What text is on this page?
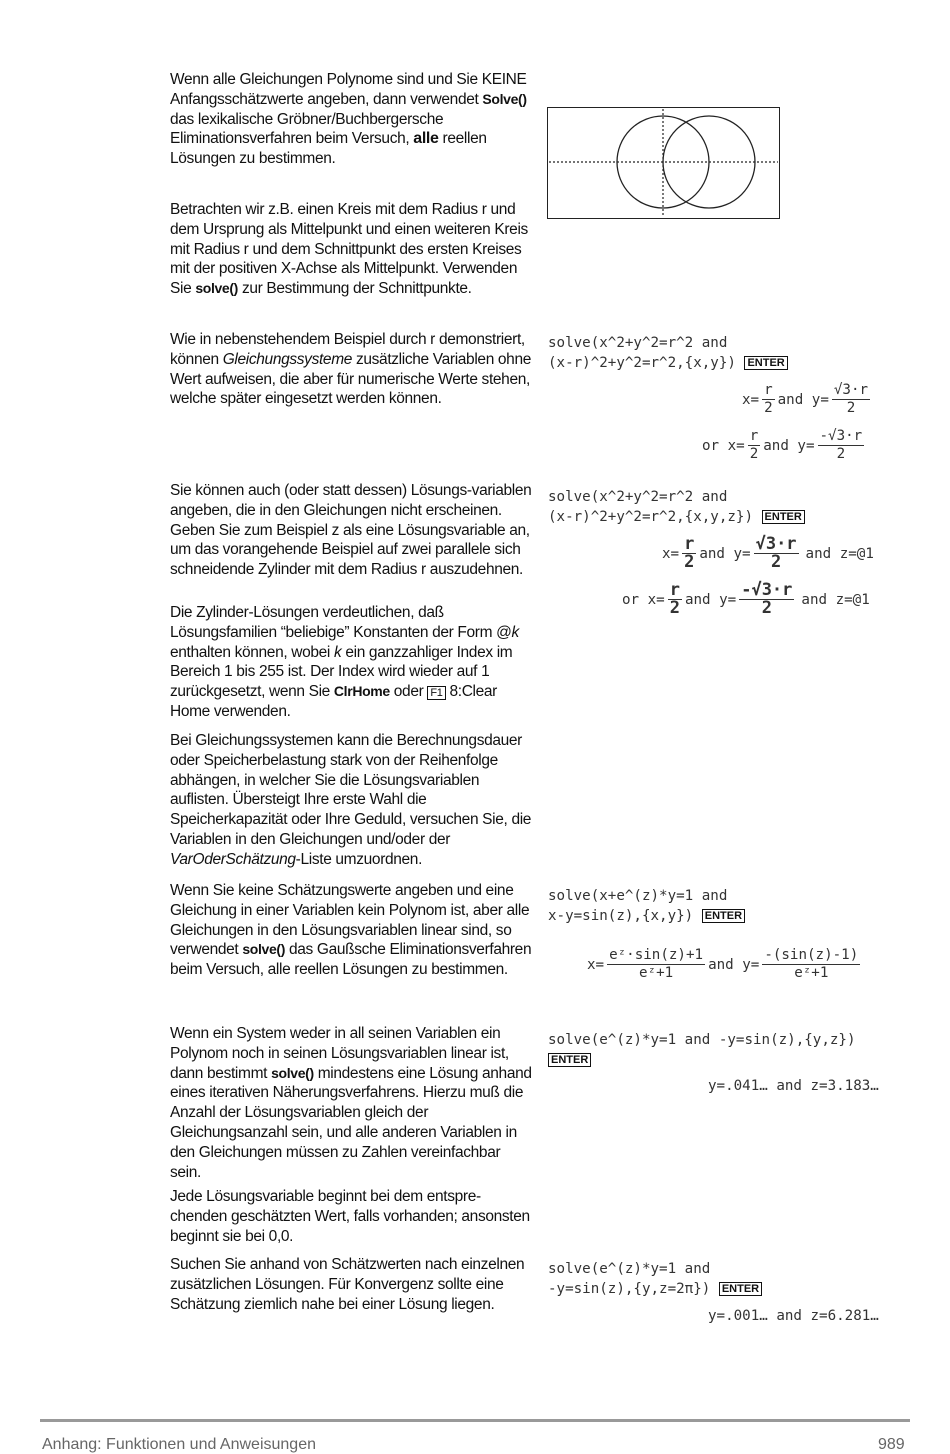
Wenn alle Gleichungen Polynome sind und Sie KEINE Anfangsschätzwerte angeben, dann verwendet Solve() das lexikalische Gröbner/Buchbergersche Eliminationsverfahren beim Versuch, alle reellen Lösungen zu bestimmen.
Betrachten wir z.B. einen Kreis mit dem Radius r und dem Ursprung als Mittelpunkt und einen weiteren Kreis mit Radius r und dem Schnittpunkt des ersten Kreises mit der positiven X-Achse als Mittelpunkt. Verwenden Sie solve() zur Bestimmung der Schnittpunkte.
Wie in nebenstehendem Beispiel durch r demonstriert, können Gleichungssysteme zusätzliche Variablen ohne Wert aufweisen, die aber für numerische Werte stehen, welche später eingesetzt werden können.
Sie können auch (oder statt dessen) Lösungs-variablen angeben, die in den Gleichungen nicht erscheinen. Geben Sie zum Beispiel z als eine Lösungsvariable an, um das vorangehende Beispiel auf zwei parallele sich schneidende Zylinder mit dem Radius r auszudehnen.
Die Zylinder-Lösungen verdeutlichen, daß Lösungsfamilien “beliebige” Konstanten der Form @k enthalten können, wobei k ein ganzzahliger Index im Bereich 1 bis 255 ist. Der Index wird wieder auf 1 zurückgesetzt, wenn Sie ClrHome oder F1 8:Clear Home verwenden.
Bei Gleichungssystemen kann die Berechnungsdauer oder Speicherbelastung stark von der Reihenfolge abhängen, in welcher Sie die Lösungsvariablen auflisten. Übersteigt Ihre erste Wahl die Speicherkapazität oder Ihre Geduld, versuchen Sie, die Variablen in den Gleichungen und/oder der VarOderSchätzung-Liste umzuordnen.
Wenn Sie keine Schätzungswerte angeben und eine Gleichung in einer Variablen kein Polynom ist, aber alle Gleichungen in den Lösungsvariablen linear sind, so verwendet solve() das Gaußsche Eliminationsverfahren beim Versuch, alle reellen Lösungen zu bestimmen.
Wenn ein System weder in all seinen Variablen ein Polynom noch in seinen Lösungsvariablen linear ist, dann bestimmt solve() mindestens eine Lösung anhand eines iterativen Näherungsverfahrens. Hierzu muß die Anzahl der Lösungsvariablen gleich der Gleichungsanzahl sein, und alle anderen Variablen in den Gleichungen müssen zu Zahlen vereinfachbar sein.
Jede Lösungsvariable beginnt bei dem entspre-chenden geschätzten Wert, falls vorhanden; ansonsten beginnt sie bei 0,0.
Suchen Sie anhand von Schätzwerten nach einzelnen zusätzlichen Lösungen. Für Konvergenz sollte eine Schätzung ziemlich nahe bei einer Lösung liegen.
solve(x^2+y^2=r^2 and
(x-r)^2+y^2=r^2,{x,y}) ENTER
$x= \frac{r}{2}$ and $y= \frac{√3\cdot r}{2}$
or $x= \frac{r}{2}$ and $y= \frac{-√3\cdot r}{2}$
solve(x^2+y^2=r^2 and
(x-r)^2+y^2=r^2,{x,y,z}) ENTER
$x= \frac{r}{2}$ and $y= \frac{√3\cdot r}{2}$ and z=@1
or $x= \frac{r}{2}$ and $y= \frac{-√3\cdot r}{2}$ and z=@1
solve(x+e^(z)*y=1 and
x-y=sin(z),{x,y}) ENTER
$x= \frac{\text{eᶻ·sin(z)+1}}{\text{eᶻ+1}}$ and $y= \frac{-(\sin(z)-1)}{\text{eᶻ+1}}$
solve(e^(z)*y=1 and -y=sin(z),{y,z})
ENTER
y=.041… and z=3.183…
solve(e^(z)*y=1 and
-y=sin(z),{y,z=2π}) ENTER
y=.001… and z=6.281…
Anhang: Funktionen und Anweisungen	989
